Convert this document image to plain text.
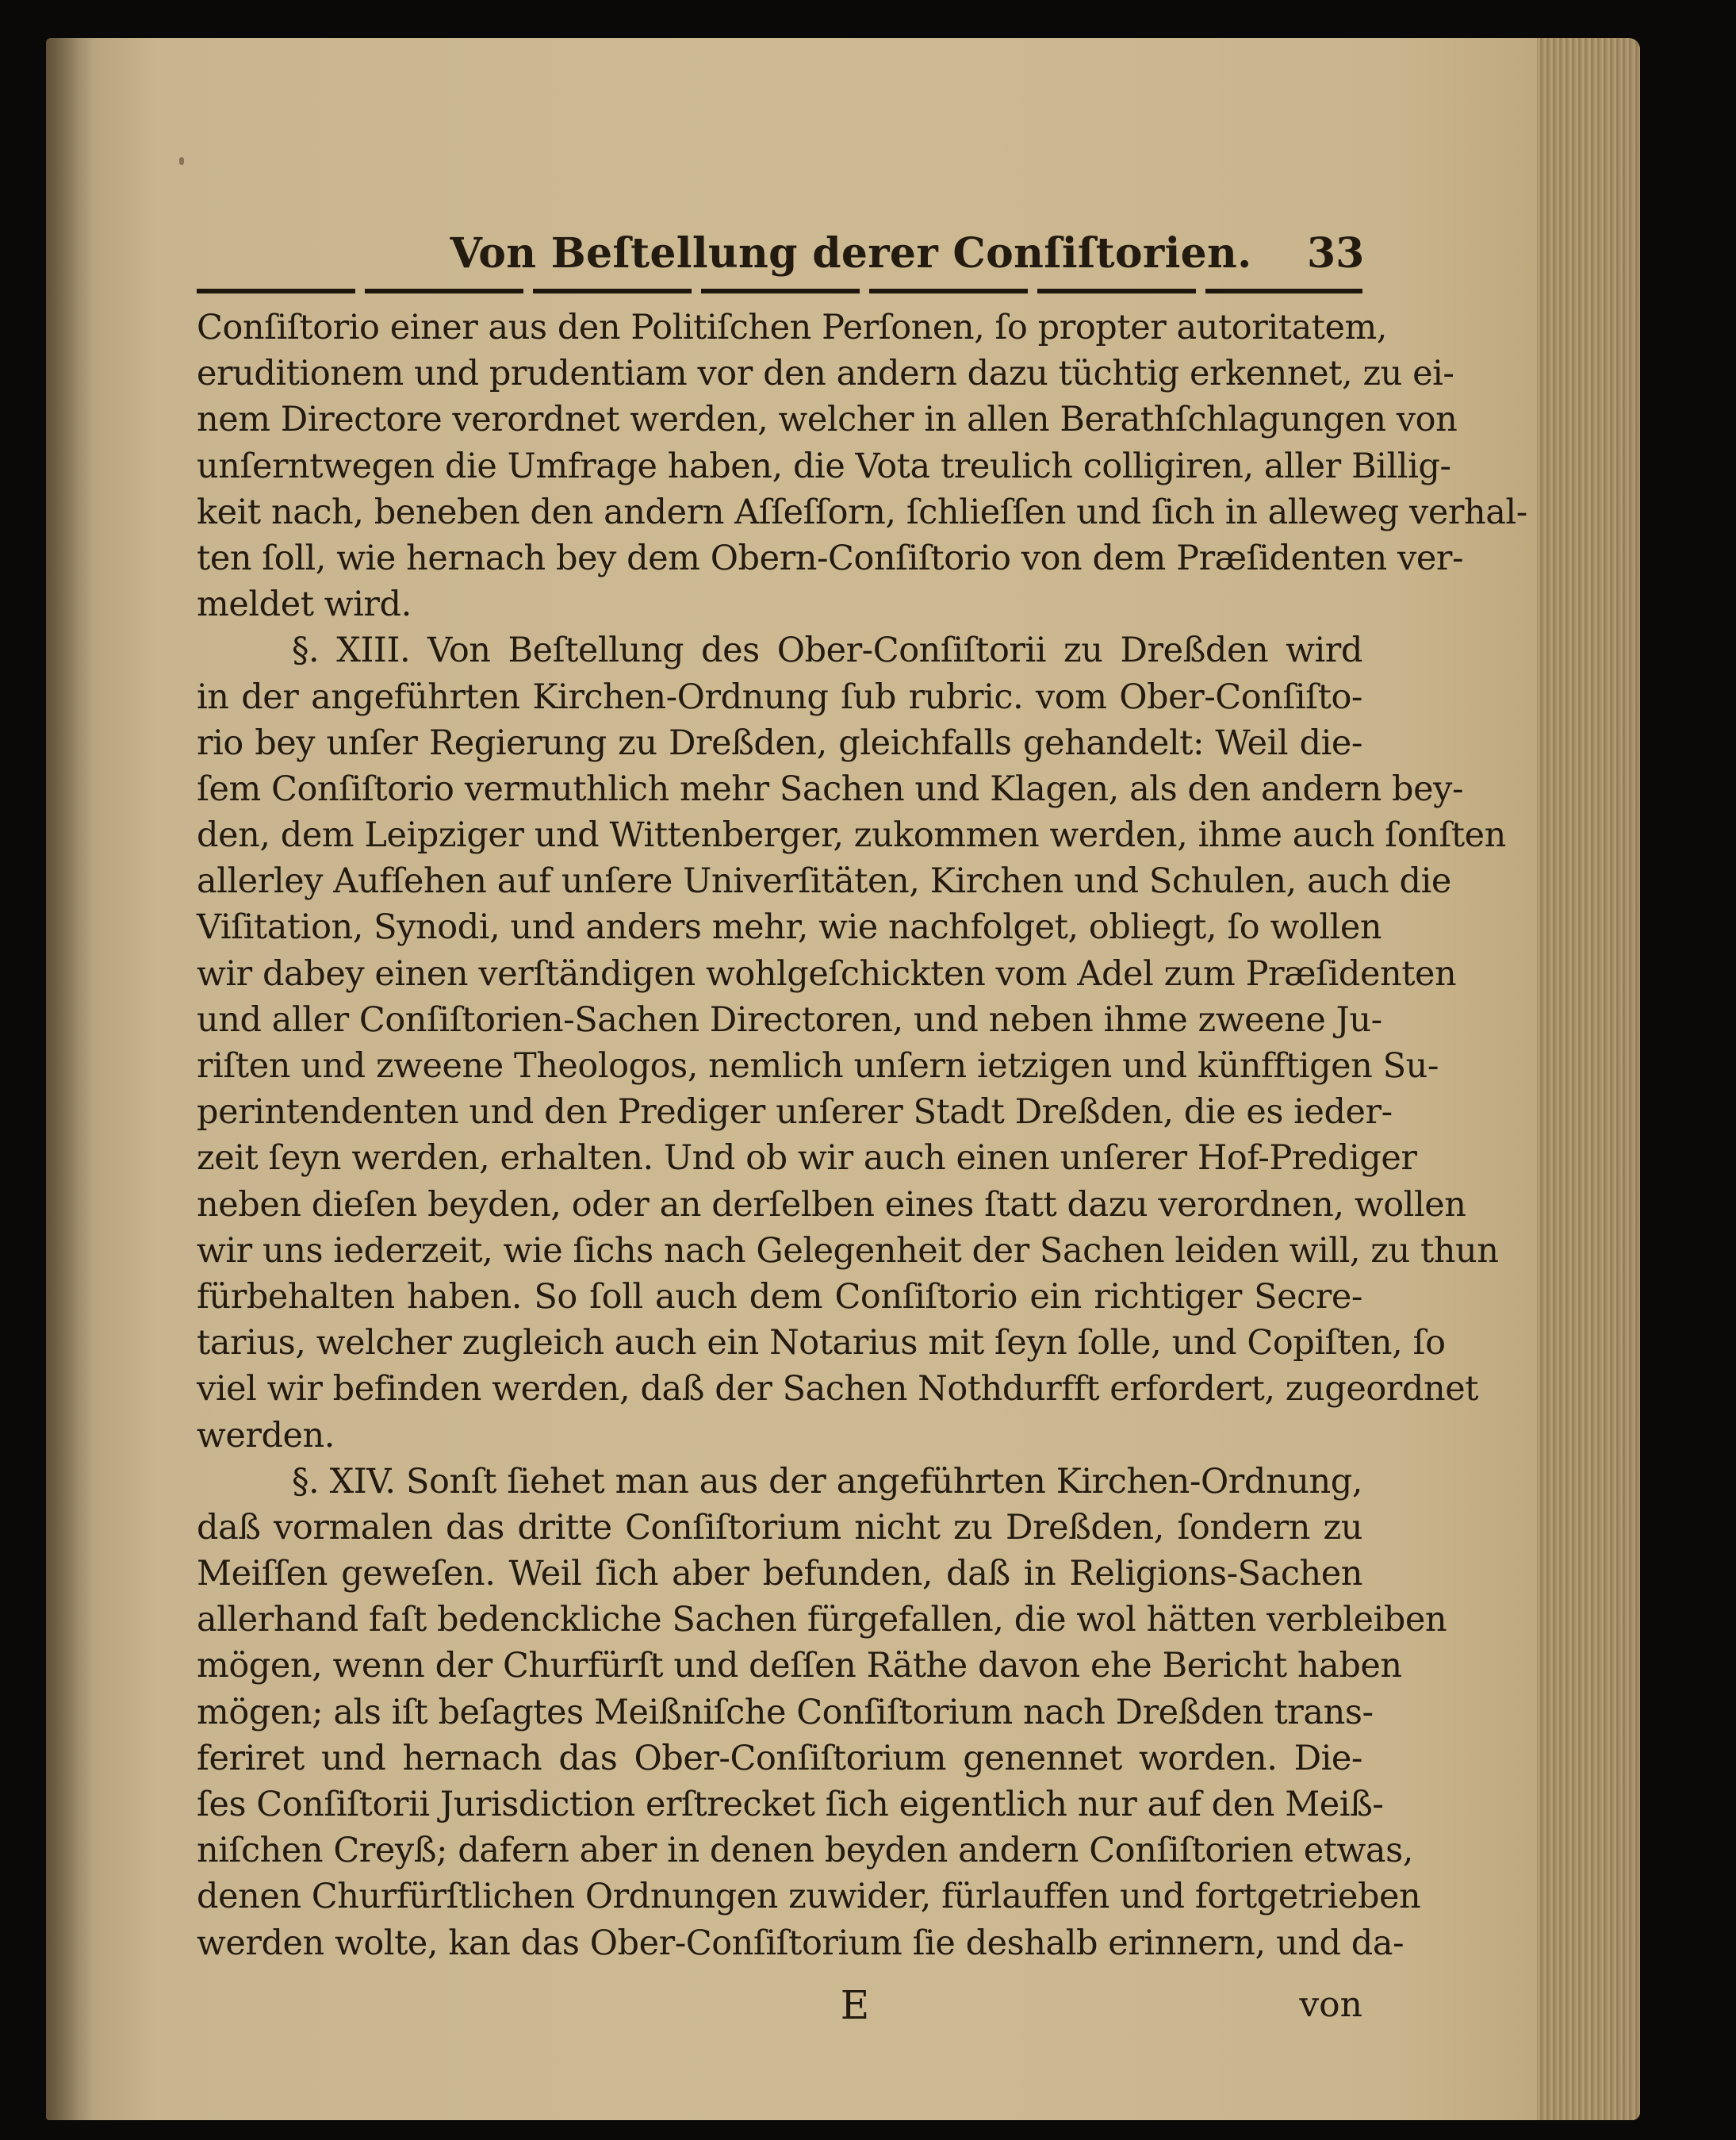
Von Beſtellung derer Conſiſtorien.	33
Conſiſtorio einer aus den Politiſchen Perſonen, ſo propter autoritatem,
eruditionem und prudentiam vor den andern dazu tüchtig erkennet, zu ei-
nem Directore verordnet werden, welcher in allen Berathſchlagungen von
unſerntwegen die Umfrage haben, die Vota treulich colligiren, aller Billig-
keit nach, beneben den andern Aſſeſſorn, ſchlieſſen und ſich in alleweg verhal-
ten ſoll, wie hernach bey dem Obern-Conſiſtorio von dem Præſidenten ver-
meldet wird.
§. XIII. Von Beſtellung des Ober-Conſiſtorii zu Dreßden wird
in der angeführten Kirchen-Ordnung ſub rubric. vom Ober-Conſiſto-
rio bey unſer Regierung zu Dreßden, gleichfalls gehandelt: Weil die-
ſem Conſiſtorio vermuthlich mehr Sachen und Klagen, als den andern bey-
den, dem Leipziger und Wittenberger, zukommen werden, ihme auch ſonſten
allerley Aufſehen auf unſere Univerſitäten, Kirchen und Schulen, auch die
Viſitation, Synodi, und anders mehr, wie nachfolget, obliegt, ſo wollen
wir dabey einen verſtändigen wohlgeſchickten vom Adel zum Præſidenten
und aller Conſiſtorien-Sachen Directoren, und neben ihme zweene Ju-
riſten und zweene Theologos, nemlich unſern ietzigen und künfftigen Su-
perintendenten und den Prediger unſerer Stadt Dreßden, die es ieder-
zeit ſeyn werden, erhalten. Und ob wir auch einen unſerer Hof-Prediger
neben dieſen beyden, oder an derſelben eines ſtatt dazu verordnen, wollen
wir uns iederzeit, wie ſichs nach Gelegenheit der Sachen leiden will, zu thun
fürbehalten haben. So ſoll auch dem Conſiſtorio ein richtiger Secre-
tarius, welcher zugleich auch ein Notarius mit ſeyn ſolle, und Copiſten, ſo
viel wir befinden werden, daß der Sachen Nothdurfft erfordert, zugeordnet
werden.
§. XIV. Sonſt ſiehet man aus der angeführten Kirchen-Ordnung,
daß vormalen das dritte Conſiſtorium nicht zu Dreßden, ſondern zu
Meiſſen geweſen. Weil ſich aber befunden, daß in Religions-Sachen
allerhand faſt bedenckliche Sachen fürgefallen, die wol hätten verbleiben
mögen, wenn der Churfürſt und deſſen Räthe davon ehe Bericht haben
mögen; als iſt beſagtes Meißniſche Conſiſtorium nach Dreßden trans-
feriret und hernach das Ober-Conſiſtorium genennet worden. Die-
ſes Conſiſtorii Jurisdiction erſtrecket ſich eigentlich nur auf den Meiß-
niſchen Creyß; dafern aber in denen beyden andern Conſiſtorien etwas,
denen Churfürſtlichen Ordnungen zuwider, fürlauffen und fortgetrieben
werden wolte, kan das Ober-Conſiſtorium ſie deshalb erinnern, und da-
E	von
